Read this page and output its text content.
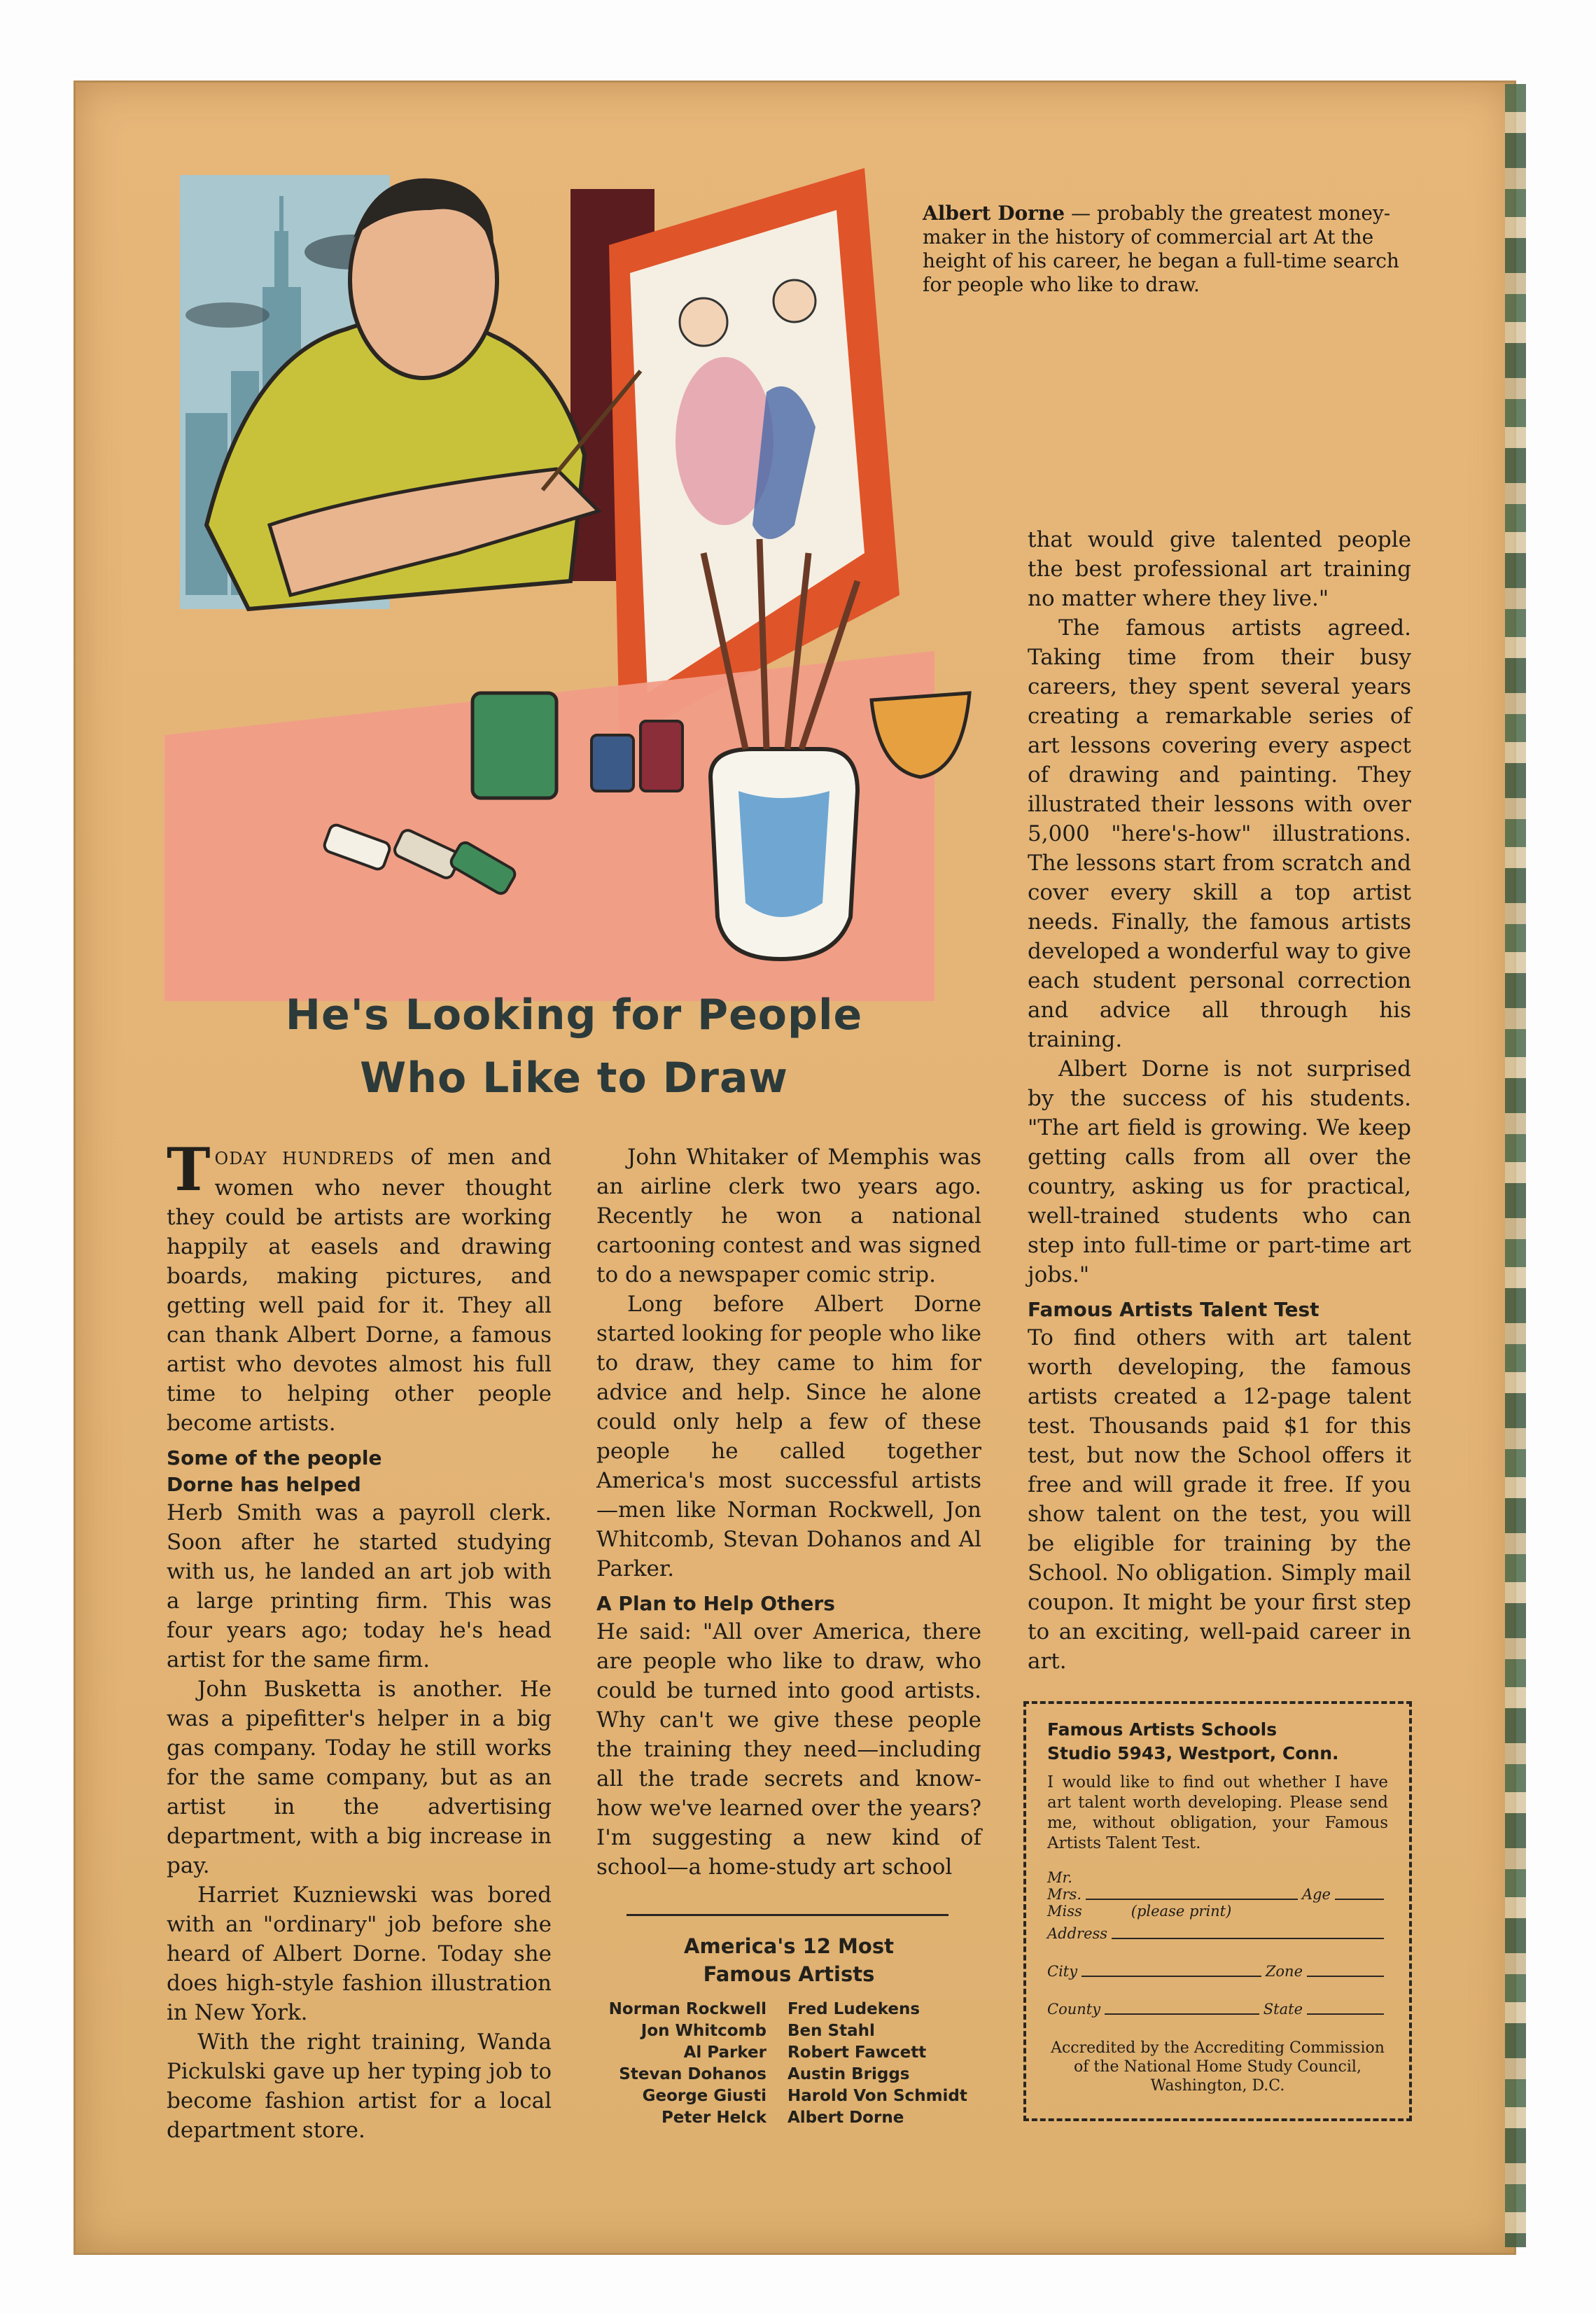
Albert Dorne — probably the greatest money-maker in the history of commercial art At the height of his career, he began a full-time search for people who like to draw.
He's Looking for People
Who Like to Draw

TODAY HUNDREDS of men and women who never thought they could be artists are working happily at easels and drawing boards, making pictures, and getting well paid for it. They all can thank Albert Dorne, a famous artist who devotes almost his full time to helping other people become artists.

Some of the people
Dorne has helped

Herb Smith was a payroll clerk. Soon after he started studying with us, he landed an art job with a large printing firm. This was four years ago; today he's head artist for the same firm.

John Busketta is another. He was a pipefitter's helper in a big gas company. Today he still works for the same company, but as an artist in the advertising department, with a big increase in pay.

Harriet Kuzniewski was bored with an "ordinary" job before she heard of Albert Dorne. Today she does high-style fashion illustration in New York.

With the right training, Wanda Pickulski gave up her typing job to become fashion artist for a local department store.

John Whitaker of Memphis was an airline clerk two years ago. Recently he won a national cartooning contest and was signed to do a newspaper comic strip.

Long before Albert Dorne started looking for people who like to draw, they came to him for advice and help. Since he alone could only help a few of these people he called together America's most successful artists —men like Norman Rockwell, Jon Whitcomb, Stevan Dohanos and Al Parker.

A Plan to Help Others

He said: "All over America, there are people who like to draw, who could be turned into good artists. Why can't we give these people the training they need—including all the trade secrets and know-how we've learned over the years? I'm suggesting a new kind of school—a home-study art school

America's 12 Most
Famous Artists
Norman Rockwell	Fred Ludekens
Jon Whitcomb	Ben Stahl
Al Parker	Robert Fawcett
Stevan Dohanos	Austin Briggs
George Giusti	Harold Von Schmidt
Peter Helck	Albert Dorne

that would give talented people the best professional art training no matter where they live."

The famous artists agreed. Taking time from their busy careers, they spent several years creating a remarkable series of art lessons covering every aspect of drawing and painting. They illustrated their lessons with over 5,000 "here's-how" illustrations. The lessons start from scratch and cover every skill a top artist needs. Finally, the famous artists developed a wonderful way to give each student personal correction and advice all through his training.

Albert Dorne is not surprised by the success of his students. "The art field is growing. We keep getting calls from all over the country, asking us for practical, well-trained students who can step into full-time or part-time art jobs."

Famous Artists Talent Test

To find others with art talent worth developing, the famous artists created a 12-page talent test. Thousands paid $1 for this test, but now the School offers it free and will grade it free. If you show talent on the test, you will be eligible for training by the School. No obligation. Simply mail coupon. It might be your first step to an exciting, well-paid career in art.

Famous Artists Schools
Studio 5943, Westport, Conn.
I would like to find out whether I have art talent worth developing. Please send me, without obligation, your Famous Artists Talent Test.
Mr.
Mrs.	Age
Miss	(please print)
Address
City	Zone
County	State
Accredited by the Accrediting Commission of the National Home Study Council, Washington, D.C.
